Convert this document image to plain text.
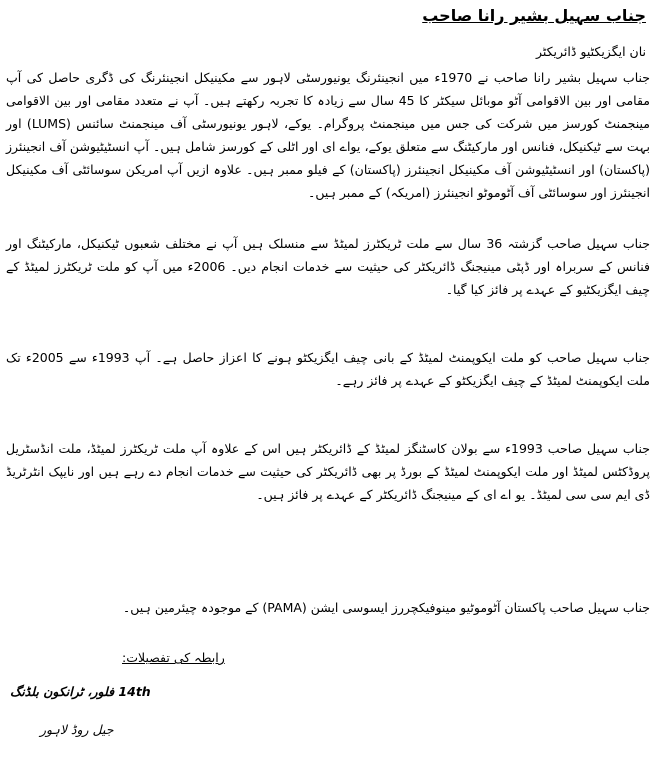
جناب سہیل بشیر رانا صاحب
نان ایگزیکٹیو ڈائریکٹر
جناب سہیل بشیر رانا صاحب نے 1970ء میں انجینئرنگ یونیورسٹی لاہور سے مکینیکل انجینئرنگ کی ڈگری حاصل کی آپ مقامی اور بین الاقوامی آٹو موبائل سیکٹر کا 45 سال سے زیادہ کا تجربہ رکھتے ہیں۔ آپ نے متعدد مقامی اور بین الاقوامی مینجمنٹ کورسز میں شرکت کی جس میں مینجمنٹ پروگرام۔ یوکے، لاہور یونیورسٹی آف مینجمنٹ سائنس (LUMS) اور بہت سے ٹیکنیکل، فنانس اور مارکیٹنگ سے متعلق یوکے، یواے ای اور اٹلی کے کورسز شامل ہیں۔ آپ انسٹیٹیوشن آف انجینئرز (پاکستان) اور انسٹیٹیوشن آف مکینیکل انجینئرز (پاکستان) کے فیلو ممبر ہیں۔ علاوہ ازیں آپ امریکن سوسائٹی آف مکینیکل انجینئرز اور سوسائٹی آف آٹوموٹو انجینئرز (امریکہ) کے ممبر ہیں۔
جناب سہیل صاحب گزشتہ 36 سال سے ملت ٹریکٹرز لمیٹڈ سے منسلک ہیں آپ نے مختلف شعبوں ٹیکنیکل، مارکیٹنگ اور فنانس کے سربراہ اور ڈپٹی مینیجنگ ڈائریکٹر کی حیثیت سے خدمات انجام دیں۔ 2006ء میں آپ کو ملت ٹریکٹرز لمیٹڈ کے چیف ایگزیکٹیو کے عہدے پر فائز کیا گیا۔
جناب سہیل صاحب کو ملت ایکوپمنٹ لمیٹڈ کے بانی چیف ایگزیکٹو ہونے کا اعزاز حاصل ہے۔ آپ 1993ء سے 2005ء تک ملت ایکوپمنٹ لمیٹڈ کے چیف ایگزیکٹو کے عہدے پر فائز رہے۔
جناب سہیل صاحب 1993ء سے بولان کاسٹنگز لمیٹڈ کے ڈائریکٹر ہیں اس کے علاوہ آپ ملت ٹریکٹرز لمیٹڈ، ملت انڈسٹریل پروڈکٹس لمیٹڈ اور ملت ایکوپمنٹ لمیٹڈ کے بورڈ پر بھی ڈائریکٹر کی حیثیت سے خدمات انجام دے رہے ہیں اور نایپک انٹرٹریڈ ڈی ایم سی سی لمیٹڈ۔ یو اے ای کے مینیجنگ ڈائریکٹر کے عہدے پر فائز ہیں۔
جناب سہیل صاحب پاکستان آٹوموٹیو مینوفیکچررز ایسوسی ایشن (PAMA) کے موجودہ چیئرمین ہیں۔
رابطہ کی تفصیلات:
14th فلور، ٹرانکون بلڈنگ
جیل روڈ لاہور
